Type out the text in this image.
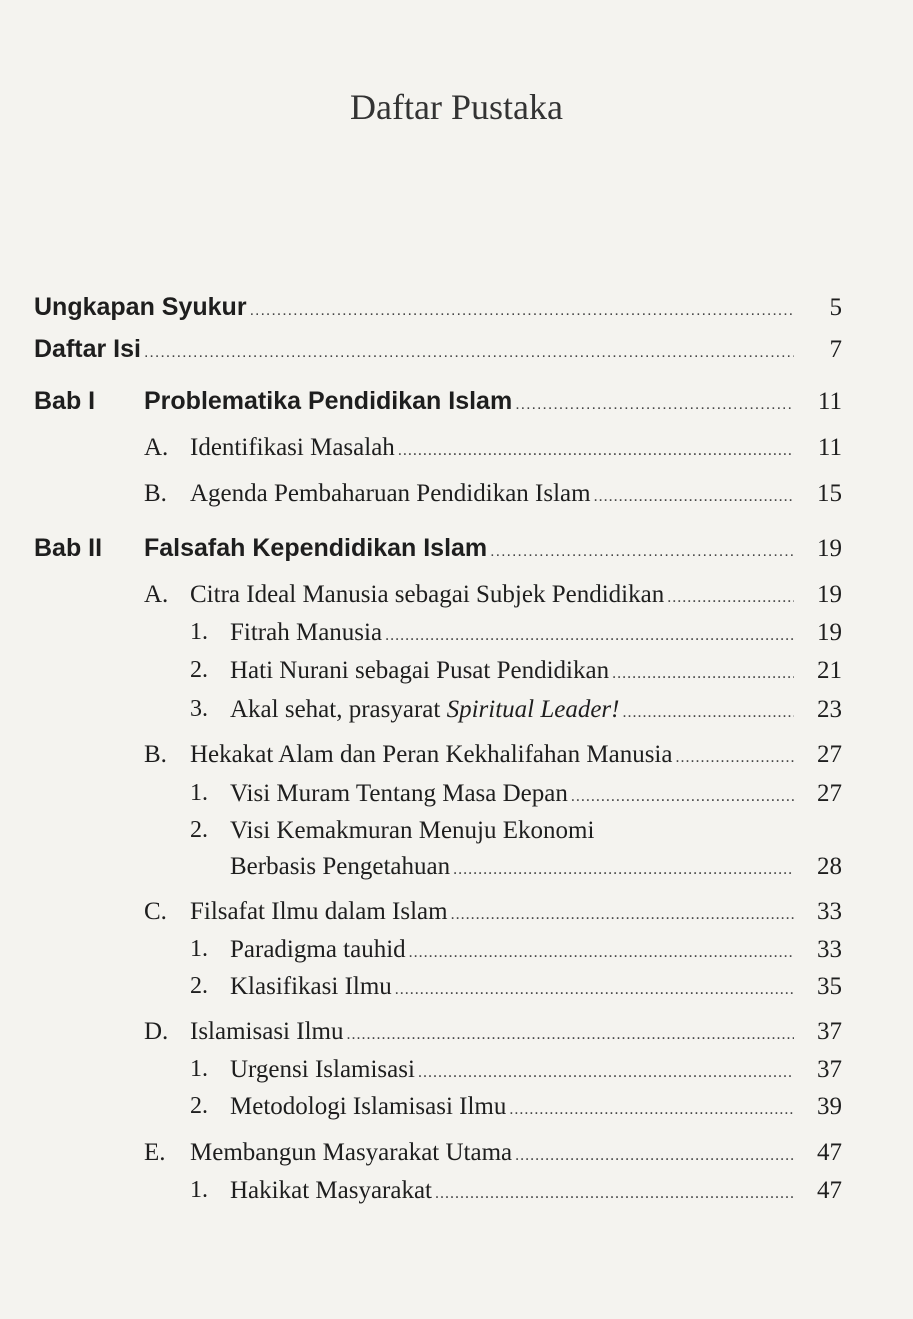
Daftar Pustaka
Ungkapan Syukur .....	5
Daftar Isi .....	7
Bab I Problematika Pendidikan Islam .....	11
A. Identifikasi Masalah .....	11
B. Agenda Pembaharuan Pendidikan Islam .....	15
Bab II Falsafah Kependidikan Islam .....	19
A. Citra Ideal Manusia sebagai Subjek Pendidikan .....	19
1. Fitrah Manusia .....	19
2. Hati Nurani sebagai Pusat Pendidikan .....	21
3. Akal sehat, prasyarat Spiritual Leader! .....	23
B. Hekakat Alam dan Peran Kekhalifahan Manusia .....	27
1. Visi Muram Tentang Masa Depan .....	27
2. Visi Kemakmuran Menuju Ekonomi
Berbasis Pengetahuan .....	28
C. Filsafat Ilmu dalam Islam .....	33
1. Paradigma tauhid .....	33
2. Klasifikasi Ilmu .....	35
D. Islamisasi Ilmu .....	37
1. Urgensi Islamisasi .....	37
2. Metodologi Islamisasi Ilmu .....	39
E. Membangun Masyarakat Utama .....	47
1. Hakikat Masyarakat .....	47
